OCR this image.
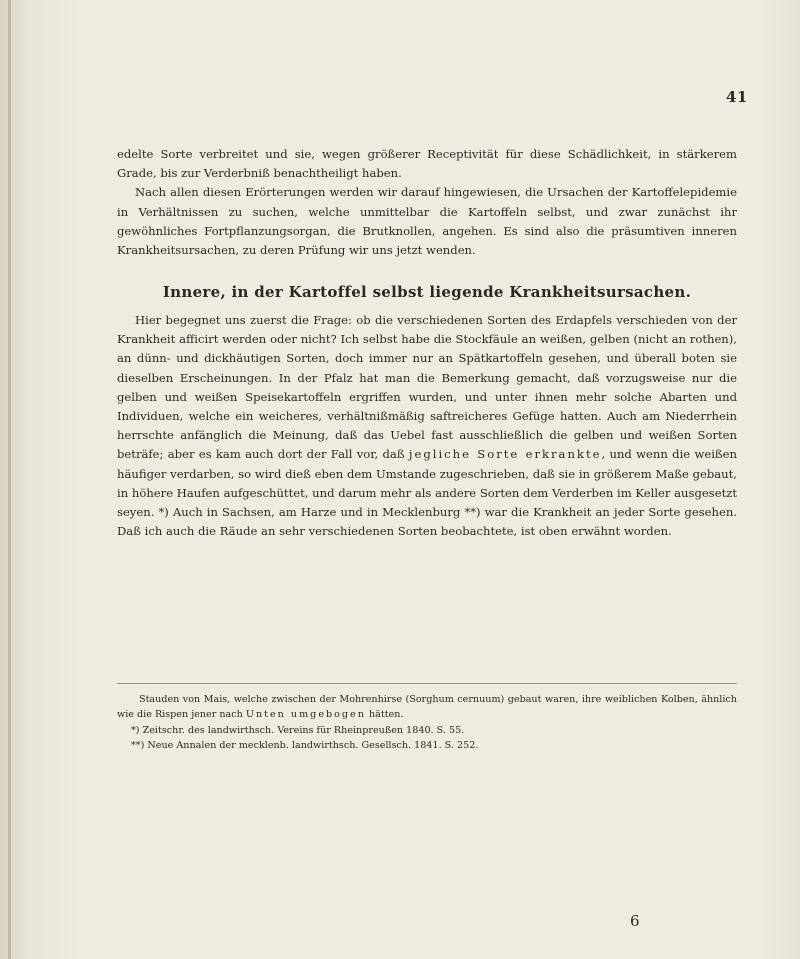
41

edelte Sorte verbreitet und sie, wegen größerer Receptivität für diese Schädlichkeit, in stärkerem Grade, bis zur Verderbniß benachtheiligt haben.

Nach allen diesen Erörterungen werden wir darauf hingewiesen, die Ursachen der Kartoffelepidemie in Verhältnissen zu suchen, welche unmittelbar die Kartoffeln selbst, und zwar zunächst ihr gewöhnliches Fortpflanzungsorgan, die Brutknollen, angehen. Es sind also die präsumtiven inneren Krankheitsursachen, zu deren Prüfung wir uns jetzt wenden.

Innere, in der Kartoffel selbst liegende Krankheitsursachen.

Hier begegnet uns zuerst die Frage: ob die verschiedenen Sorten des Erdapfels verschieden von der Krankheit afficirt werden oder nicht? Ich selbst habe die Stockfäule an weißen, gelben (nicht an rothen), an dünn- und dickhäutigen Sorten, doch immer nur an Spätkartoffeln gesehen, und überall boten sie dieselben Erscheinungen. In der Pfalz hat man die Bemerkung gemacht, daß vorzugsweise nur die gelben und weißen Speisekartoffeln ergriffen wurden, und unter ihnen mehr solche Abarten und Individuen, welche ein weicheres, verhältnißmäßig saftreicheres Gefüge hatten. Auch am Niederrhein herrschte anfänglich die Meinung, daß das Uebel fast ausschließlich die gelben und weißen Sorten beträfe; aber es kam auch dort der Fall vor, daß jegliche Sorte erkrankte, und wenn die weißen häufiger verdarben, so wird dieß eben dem Umstande zugeschrieben, daß sie in größerem Maße gebaut, in höhere Haufen aufgeschüttet, und darum mehr als andere Sorten dem Verderben im Keller ausgesetzt seyen. *) Auch in Sachsen, am Harze und in Mecklenburg **) war die Krankheit an jeder Sorte gesehen. Daß ich auch die Räude an sehr verschiedenen Sorten beobachtete, ist oben erwähnt worden.

Stauden von Mais, welche zwischen der Mohrenhirse (Sorghum cernuum) gebaut waren, ihre weiblichen Kolben, ähnlich wie die Rispen jener nach Unten umgebogen hätten.

*) Zeitschr. des landwirthsch. Vereins für Rheinpreußen 1840. S. 55.

**) Neue Annalen der mecklenb. landwirthsch. Gesellsch. 1841. S. 252.

6
